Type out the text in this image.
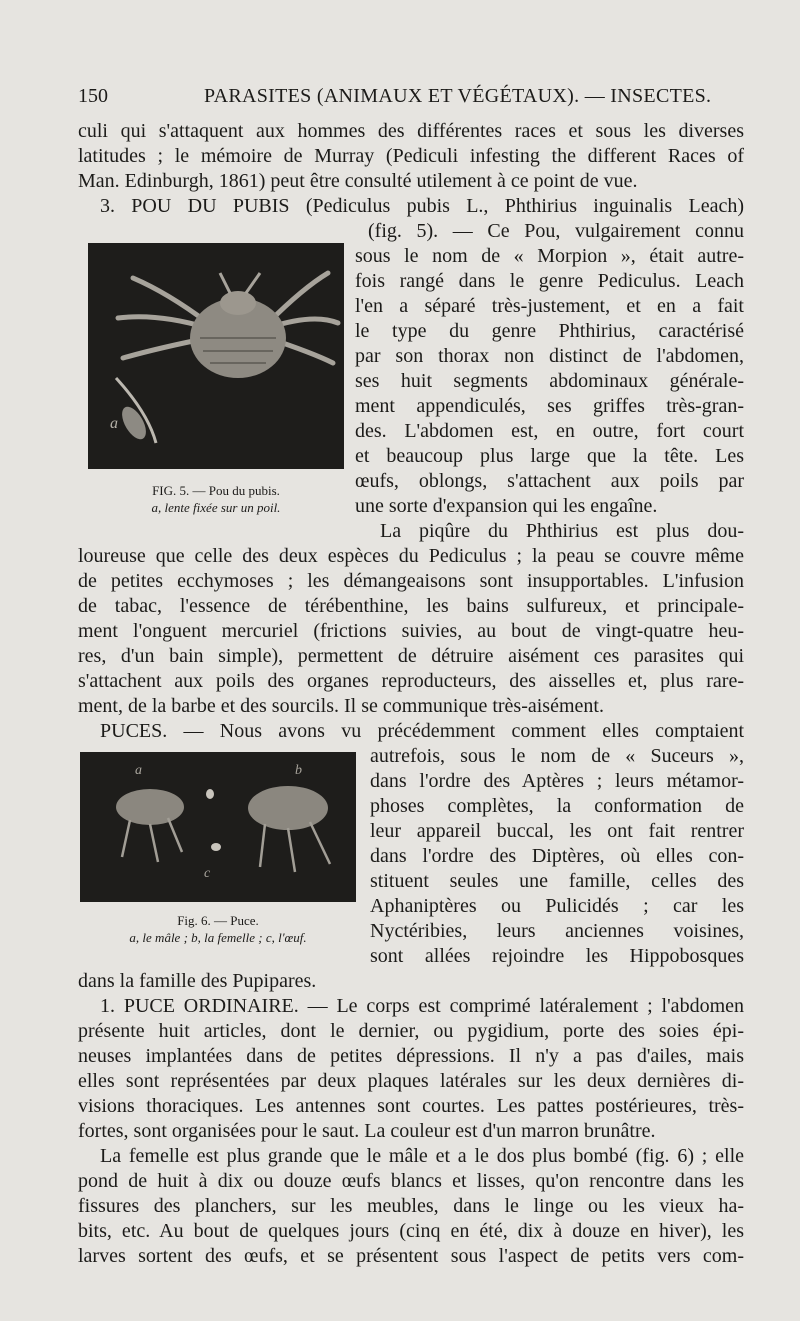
150	PARASITES (ANIMAUX ET VÉGÉTAUX). — INSECTES.
culi qui s'attaquent aux hommes des différentes races et sous les diverses
latitudes ; le mémoire de Murray (Pediculi infesting the different Races of
Man. Edinburgh, 1861) peut être consulté utilement à ce point de vue.
3. POU DU PUBIS (Pediculus pubis L., Phthirius inguinalis Leach)
a
FIG. 5. — Pou du pubis.
a, lente fixée sur un poil.
(fig. 5). — Ce Pou, vulgairement connu
sous le nom de « Morpion », était autre-
fois rangé dans le genre Pediculus. Leach
l'en a séparé très-justement, et en a fait
le type du genre Phthirius, caractérisé
par son thorax non distinct de l'abdomen,
ses huit segments abdominaux générale-
ment appendiculés, ses griffes très-gran-
des. L'abdomen est, en outre, fort court
et beaucoup plus large que la tête. Les
œufs, oblongs, s'attachent aux poils par
une sorte d'expansion qui les engaîne.
La piqûre du Phthirius est plus dou-
loureuse que celle des deux espèces du Pediculus ; la peau se couvre même
de petites ecchymoses ; les démangeaisons sont insupportables. L'infusion
de tabac, l'essence de térébenthine, les bains sulfureux, et principale-
ment l'onguent mercuriel (frictions suivies, au bout de vingt-quatre heu-
res, d'un bain simple), permettent de détruire aisément ces parasites qui
s'attachent aux poils des organes reproducteurs, des aisselles et, plus rare-
ment, de la barbe et des sourcils. Il se communique très-aisément.
PUCES. — Nous avons vu précédemment comment elles comptaient
a	b
c
Fig. 6. — Puce.
a, le mâle ; b, la femelle ; c, l'œuf.
autrefois, sous le nom de « Suceurs »,
dans l'ordre des Aptères ; leurs métamor-
phoses complètes, la conformation de
leur appareil buccal, les ont fait rentrer
dans l'ordre des Diptères, où elles con-
stituent seules une famille, celles des
Aphaniptères ou Pulicidés ; car les
Nyctéribies, leurs anciennes voisines,
sont allées rejoindre les Hippobosques
dans la famille des Pupipares.
1. PUCE ORDINAIRE. — Le corps est comprimé latéralement ; l'abdomen
présente huit articles, dont le dernier, ou pygidium, porte des soies épi-
neuses implantées dans de petites dépressions. Il n'y a pas d'ailes, mais
elles sont représentées par deux plaques latérales sur les deux dernières di-
visions thoraciques. Les antennes sont courtes. Les pattes postérieures, très-
fortes, sont organisées pour le saut. La couleur est d'un marron brunâtre.
La femelle est plus grande que le mâle et a le dos plus bombé (fig. 6) ; elle
pond de huit à dix ou douze œufs blancs et lisses, qu'on rencontre dans les
fissures des planchers, sur les meubles, dans le linge ou les vieux ha-
bits, etc. Au bout de quelques jours (cinq en été, dix à douze en hiver), les
larves sortent des œufs, et se présentent sous l'aspect de petits vers com-
